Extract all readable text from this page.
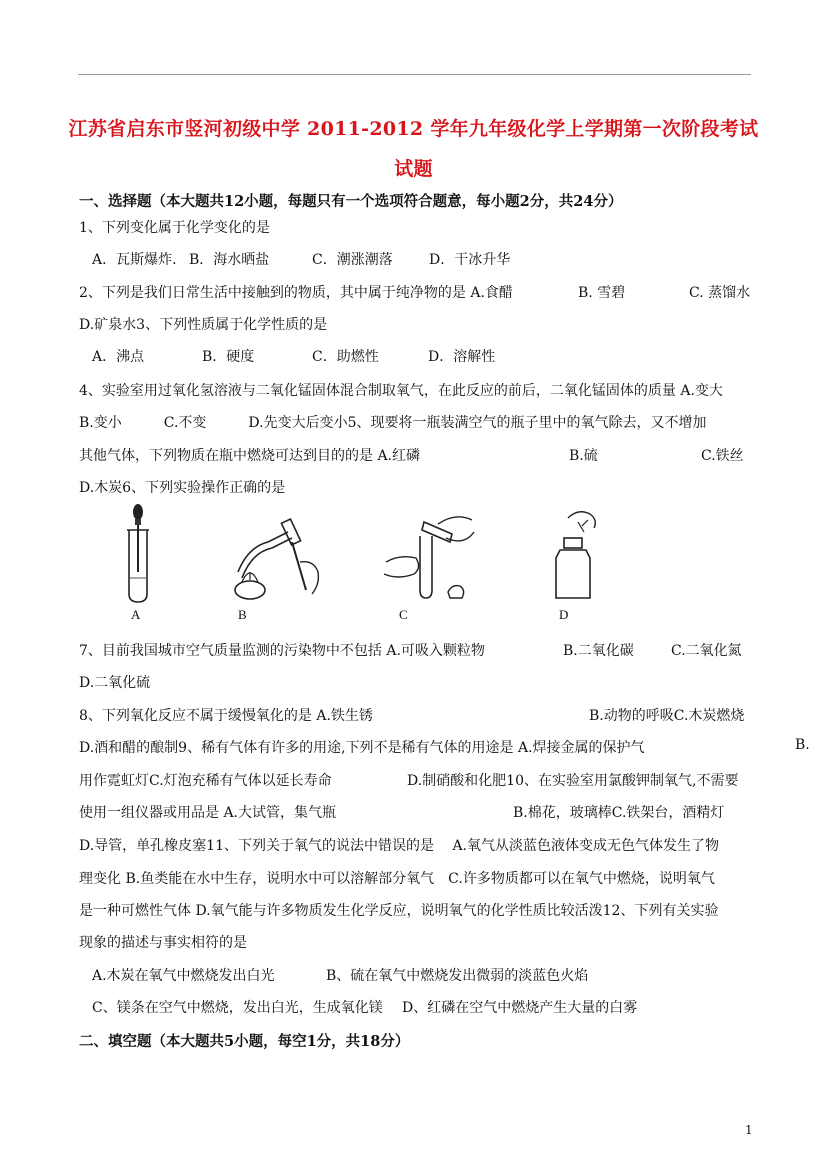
江苏省启东市竖河初级中学 2011-2012 学年九年级化学上学期第一次阶段考试
试题
一、选择题（本大题共12小题，每题只有一个选项符合题意，每小题2分，共24分）
1、下列变化属于化学变化的是
A．瓦斯爆炸. B．海水晒盐	C．潮涨潮落	D．干冰升华
2、下列是我们日常生活中接触到的物质，其中属于纯净物的是 A.食醋	B. 雪碧	C. 蒸馏水
D.矿泉水3、下列性质属于化学性质的是
A．沸点	B．硬度	C．助燃性	D．溶解性
4、实验室用过氧化氢溶液与二氧化锰固体混合制取氧气，在此反应的前后，二氧化锰固体的质量 A.变大
B.变小　　　C.不变　　　D.先变大后变小5、现要将一瓶装满空气的瓶子里中的氧气除去，又不增加
其他气体，下列物质在瓶中燃烧可达到目的的是 A.红磷	B.硫	C.铁丝
D.木炭6、下列实验操作正确的是
A	B	C	D
7、目前我国城市空气质量监测的污染物中不包括 A.可吸入颗粒物	B.二氧化碳	C.二氧化氮
D.二氧化硫
8、下列氧化反应不属于缓慢氧化的是 A.铁生锈	B.动物的呼吸C.木炭燃烧
D.酒和醋的酿制9、稀有气体有许多的用途,下列不是稀有气体的用途是 A.焊接金属的保护气	B.
用作霓虹灯C.灯泡充稀有气体以延长寿命	D.制硝酸和化肥10、在实验室用氯酸钾制氧气,不需要
使用一组仪器或用品是 A.大试管，集气瓶	B.棉花，玻璃棒C.铁架台，酒精灯
D.导管，单孔橡皮塞11、下列关于氧气的说法中错误的是　 A.氧气从淡蓝色液体变成无色气体发生了物
理变化 B.鱼类能在水中生存，说明水中可以溶解部分氧气　C.许多物质都可以在氧气中燃烧，说明氧气
是一种可燃性气体 D.氧气能与许多物质发生化学反应，说明氧气的化学性质比较活泼12、下列有关实验
现象的描述与事实相符的是
A.木炭在氧气中燃烧发出白光	B、硫在氧气中燃烧发出微弱的淡蓝色火焰
C、镁条在空气中燃烧，发出白光，生成氧化镁 D、红磷在空气中燃烧产生大量的白雾
二、填空题（本大题共5小题，每空1分，共18分）
1
